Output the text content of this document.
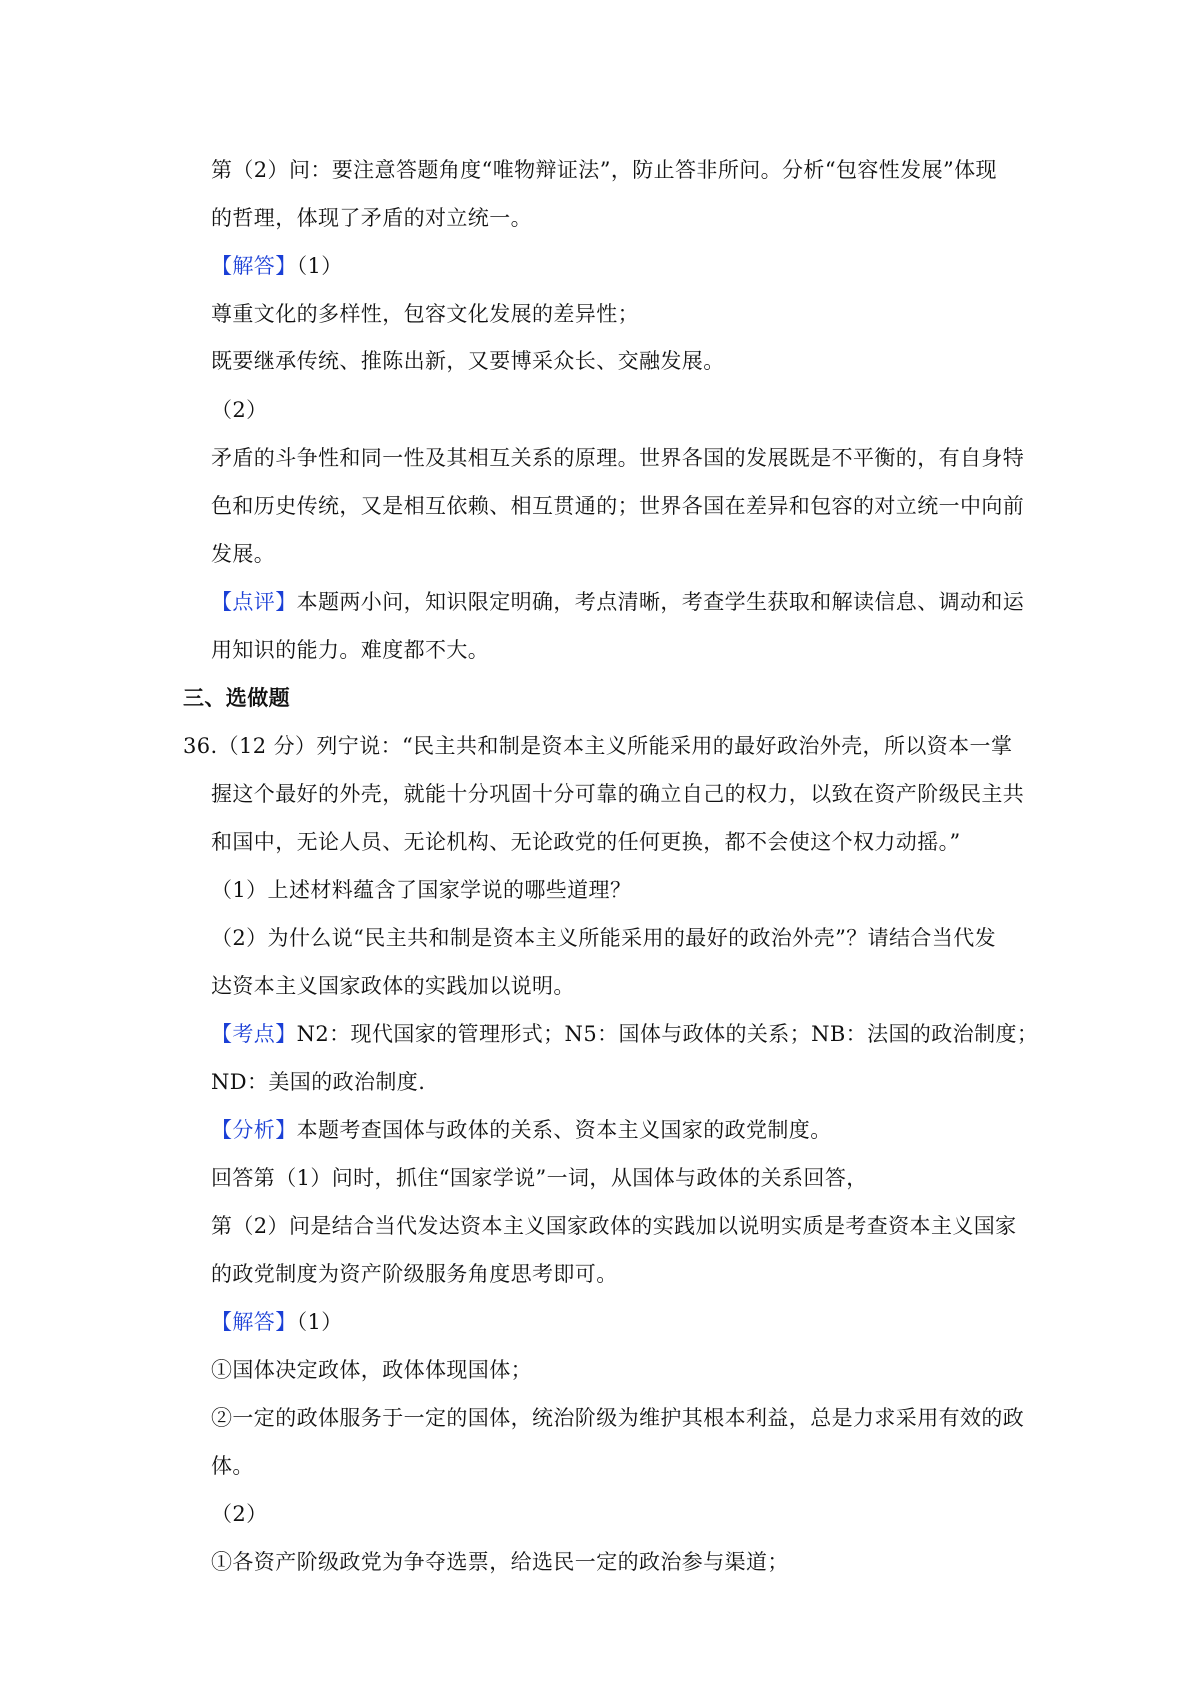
第（2）问：要注意答题角度“唯物辩证法”，防止答非所问。分析“包容性发展”体现
的哲理，体现了矛盾的对立统一。
【解答】（1）
尊重文化的多样性，包容文化发展的差异性；
既要继承传统、推陈出新，又要博采众长、交融发展。
（2）
矛盾的斗争性和同一性及其相互关系的原理。世界各国的发展既是不平衡的，有自身特
色和历史传统，又是相互依赖、相互贯通的；世界各国在差异和包容的对立统一中向前
发展。
【点评】本题两小问，知识限定明确，考点清晰，考查学生获取和解读信息、调动和运
用知识的能力。难度都不大。
三、选做题
36.（12 分）列宁说：“民主共和制是资本主义所能采用的最好政治外壳，所以资本一掌
握这个最好的外壳，就能十分巩固十分可靠的确立自己的权力，以致在资产阶级民主共
和国中，无论人员、无论机构、无论政党的任何更换，都不会使这个权力动摇。”
（1）上述材料蕴含了国家学说的哪些道理？
（2）为什么说“民主共和制是资本主义所能采用的最好的政治外壳”？请结合当代发
达资本主义国家政体的实践加以说明。
【考点】N2：现代国家的管理形式；N5：国体与政体的关系；NB：法国的政治制度；
ND：美国的政治制度.
【分析】本题考查国体与政体的关系、资本主义国家的政党制度。
回答第（1）问时，抓住“国家学说”一词，从国体与政体的关系回答，
第（2）问是结合当代发达资本主义国家政体的实践加以说明实质是考查资本主义国家
的政党制度为资产阶级服务角度思考即可。
【解答】（1）
①国体决定政体，政体体现国体；
②一定的政体服务于一定的国体，统治阶级为维护其根本利益，总是力求采用有效的政
体。
（2）
①各资产阶级政党为争夺选票，给选民一定的政治参与渠道；
